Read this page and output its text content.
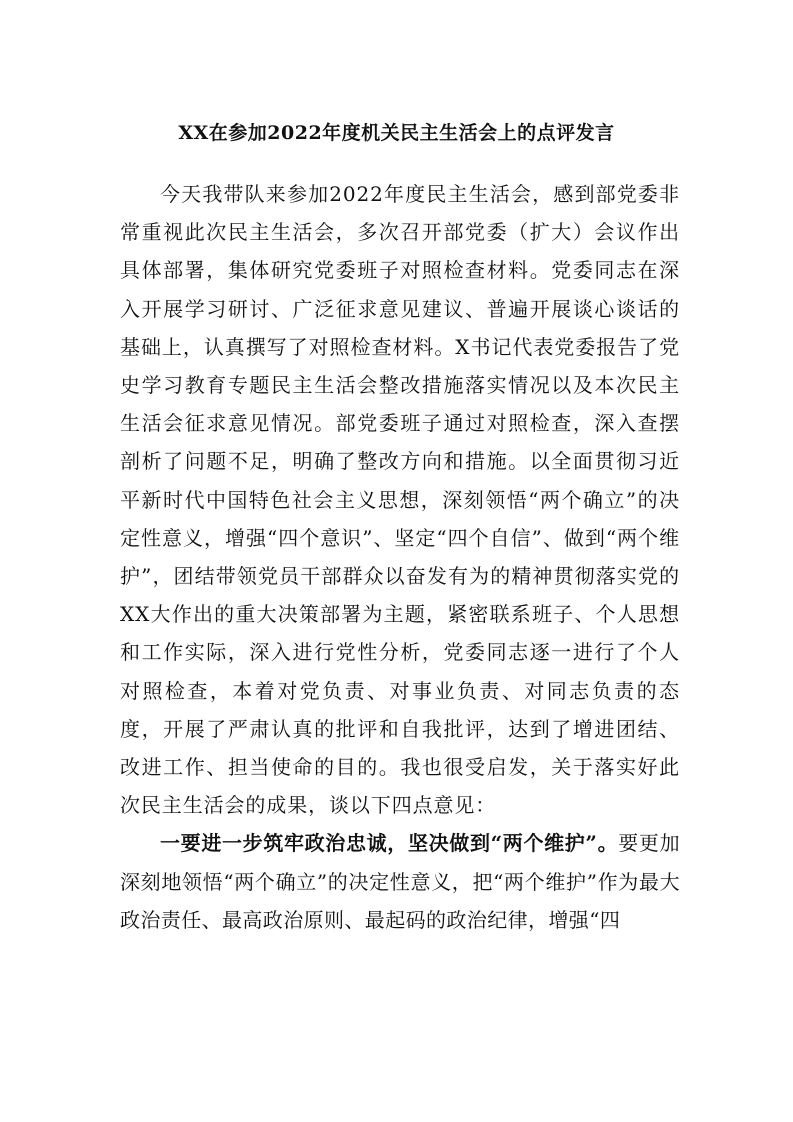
XX在参加2022年度机关民主生活会上的点评发言

今天我带队来参加2022年度民主生活会，感到部党委非常重视此次民主生活会，多次召开部党委（扩大）会议作出具体部署，集体研究党委班子对照检查材料。党委同志在深入开展学习研讨、广泛征求意见建议、普遍开展谈心谈话的基础上，认真撰写了对照检查材料。X书记代表党委报告了党史学习教育专题民主生活会整改措施落实情况以及本次民主生活会征求意见情况。部党委班子通过对照检查，深入查摆剖析了问题不足，明确了整改方向和措施。以全面贯彻习近平新时代中国特色社会主义思想，深刻领悟“两个确立”的决定性意义，增强“四个意识”、坚定“四个自信”、做到“两个维护”，团结带领党员干部群众以奋发有为的精神贯彻落实党的XX大作出的重大决策部署为主题，紧密联系班子、个人思想和工作实际，深入进行党性分析，党委同志逐一进行了个人对照检查，本着对党负责、对事业负责、对同志负责的态度，开展了严肃认真的批评和自我批评，达到了增进团结、改进工作、担当使命的目的。我也很受启发，关于落实好此次民主生活会的成果，谈以下四点意见：

一要进一步筑牢政治忠诚，坚决做到“两个维护”。要更加深刻地领悟“两个确立”的决定性意义，把“两个维护”作为最大政治责任、最高政治原则、最起码的政治纪律，增强“四
